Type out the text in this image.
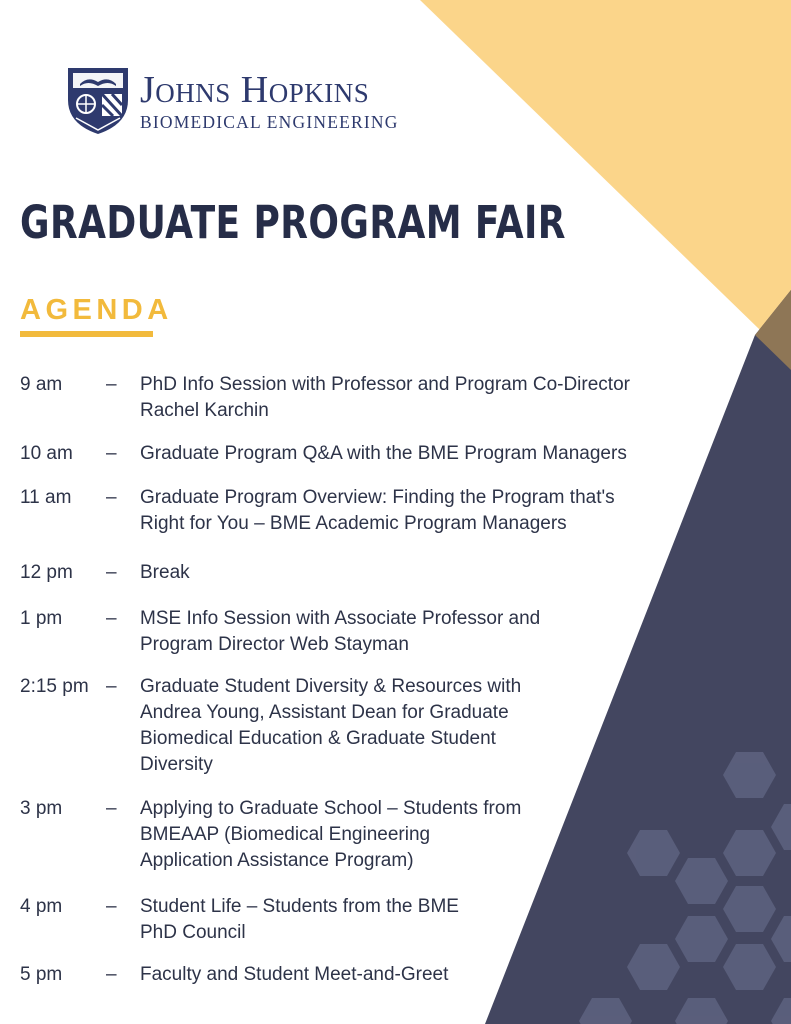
Johns Hopkins
BIOMEDICAL ENGINEERING
GRADUATE PROGRAM FAIR
AGENDA
9 am	– PhD Info Session with Professor and Program Co-Director
Rachel Karchin
10 am	– Graduate Program Q&A with the BME Program Managers
11 am	– Graduate Program Overview: Finding the Program that's
Right for You – BME Academic Program Managers
12 pm	– Break
1 pm	– MSE Info Session with Associate Professor and
Program Director Web Stayman
2:15 pm – Graduate Student Diversity & Resources with
Andrea Young, Assistant Dean for Graduate
Biomedical Education & Graduate Student
Diversity
3 pm	– Applying to Graduate School – Students from
BMEAAP (Biomedical Engineering
Application Assistance Program)
4 pm	– Student Life – Students from the BME
PhD Council
5 pm	– Faculty and Student Meet-and-Greet
